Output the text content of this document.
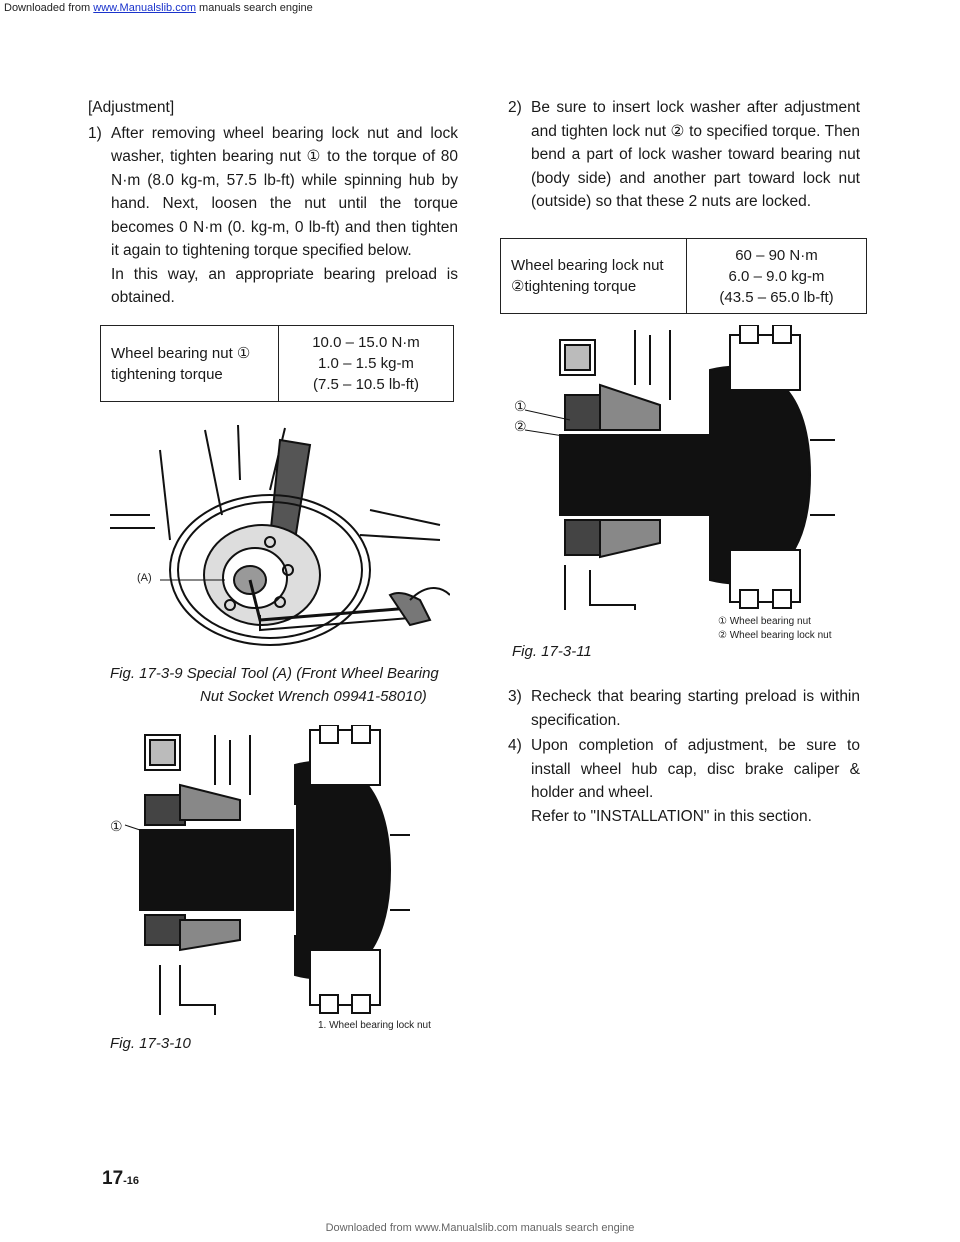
Downloaded from www.Manualslib.com manuals search engine
[Adjustment]
1) After removing wheel bearing lock nut and lock washer, tighten bearing nut ① to the torque of 80 N·m (8.0 kg-m, 57.5 lb-ft) while spinning hub by hand. Next, loosen the nut until the torque becomes 0 N·m (0. kg-m, 0 lb-ft) and then tighten it again to tightening torque specified below.
In this way, an appropriate bearing preload is obtained.
Wheel bearing nut ①
tightening torque
10.0 – 15.0 N·m
1.0 – 1.5 kg-m
(7.5 – 10.5 lb-ft)
(A)
Fig. 17-3-9 Special Tool (A) (Front Wheel Bearing
Nut Socket Wrench 09941-58010)
①
1. Wheel bearing lock nut
Fig. 17-3-10
2) Be sure to insert lock washer after adjustment and tighten lock nut ② to specified torque. Then bend a part of lock washer toward bearing nut (body side) and another part toward lock nut (outside) so that these 2 nuts are locked.
Wheel bearing lock nut
②tightening torque
60 – 90 N·m
6.0 – 9.0 kg-m
(43.5 – 65.0 lb-ft)
①
②
① Wheel bearing nut
② Wheel bearing lock nut
Fig. 17-3-11
3) Recheck that bearing starting preload is within specification.
4) Upon completion of adjustment, be sure to install wheel hub cap, disc brake caliper & holder and wheel.
Refer to "INSTALLATION" in this section.
17-16
Downloaded from www.Manualslib.com manuals search engine
